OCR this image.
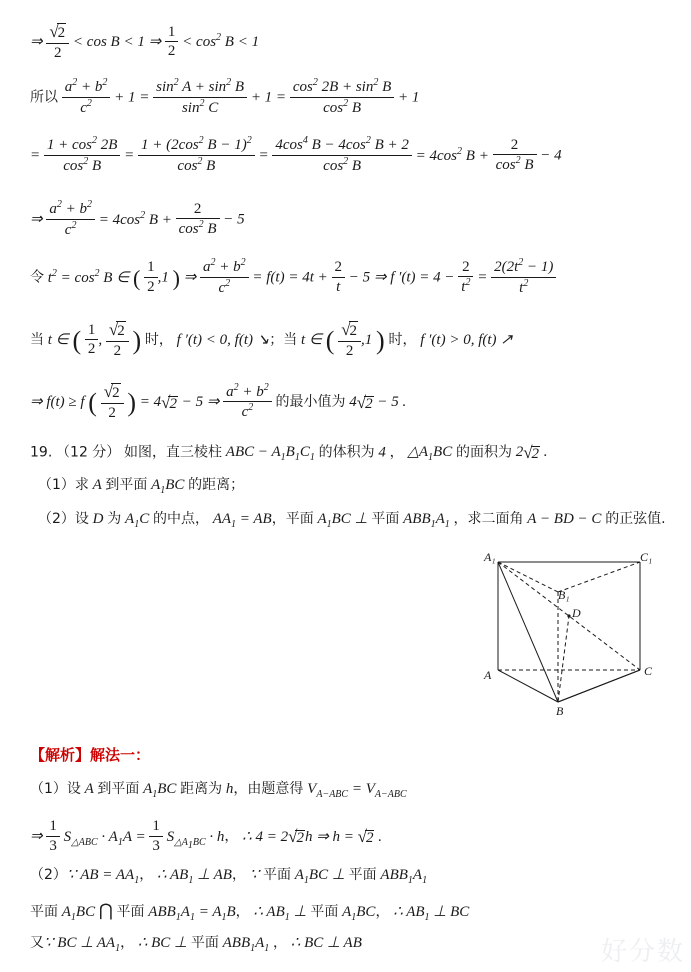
⇒ $\frac{√2}{2} < \cos B < 1$ ⇒ $\frac{1}{2} < \cos^2 B < 1$
所以 $\frac{a^2 + b^2}{c^2} + 1 = \frac{\sin^2 A + \sin^2 B}{\sin^2 C} + 1 = \frac{\cos^2 2B + \sin^2 B}{\cos^2 B} + 1$
= $\frac{1 + \cos^2 2B}{\cos^2 B} = \frac{1 + (2\cos^2 B - 1)^2}{\cos^2 B} = \frac{4\cos^4 B - 4\cos^2 B + 2}{\cos^2 B} = 4\cos^2$ $B + \frac{2}{\cos^2 B} - 4$
⇒ $\frac{a^2 + b^2}{c^2} = 4\cos^2$ $B + \frac{2}{\cos^2 B} - 5$
令 $t^2 = \cos^2 B$ ∈ ( $\frac{1}{2} ,1$ ) ⇒ $\frac{a^2 + b^2}{c^2} = f(t) = 4t + \frac{2}{t} - 5$ ⇒ f $'(t) = 4 - \frac{2}{t^2} = \frac{2(2t^2 - 1)}{t^2}$
当 t ∈ ( $\frac{1}{2}$ , $\frac{√2}{2}$ ) 时， f ′(t) < 0, f(t) ↘；当 t ∈ ( $\frac{√2}{2} ,1$ ) 时， f ′(t) > 0, f(t) ↗
⇒ f(t) ≥ f ( $\frac{√2}{2}$ ) = 4√2 − 5 ⇒ $\frac{a^2 + b^2}{c^2}$ 的最小值为 4√2 − 5 .
19. （12 分） 如图，直三棱柱 ABC − $A_1B_1C_1$ 的体积为 4 ， $\triangle A_1BC$ 的面积为 2√2 .
（1）求 A 到平面 $A_1BC$ 的距离；
（2）设 D 为 $A_1C$ 的中点， $AA_1$ = AB，平面 $A_1BC$ ⊥ 平面 $ABB_1A_1$ ，求二面角 A − BD − C 的正弦值.
A₁	C₁
B₁
D
A	C
B
【解析】解法一：
（1）设 A 到平面 $A_1BC$ 距离为 h，由题意得 $V_{A-ABC} = V_{A-ABC}$
⇒ $\frac{1}{3} S_{\triangle ABC} \cdot A_1A = \frac{1}{3} S_{\triangle A_1BC} \cdot h$， ∴ 4 = 2√2h ⇒ h = √2 .
（2）∵ AB = $AA_1$， ∴ $AB_1$ ⊥ AB， ∵ 平面 $A_1BC$ ⊥ 平面 $ABB_1A_1$
平面 $A_1BC$ ⋂ 平面 $ABB_1A_1 = A_1B$， ∴ $AB_1$ ⊥ 平面 $A_1BC$， ∴ $AB_1$ ⊥ BC
又∵ BC ⊥ $AA_1$， ∴ BC ⊥ 平面 $ABB_1A_1$ ， ∴ BC ⊥ AB	好分数
